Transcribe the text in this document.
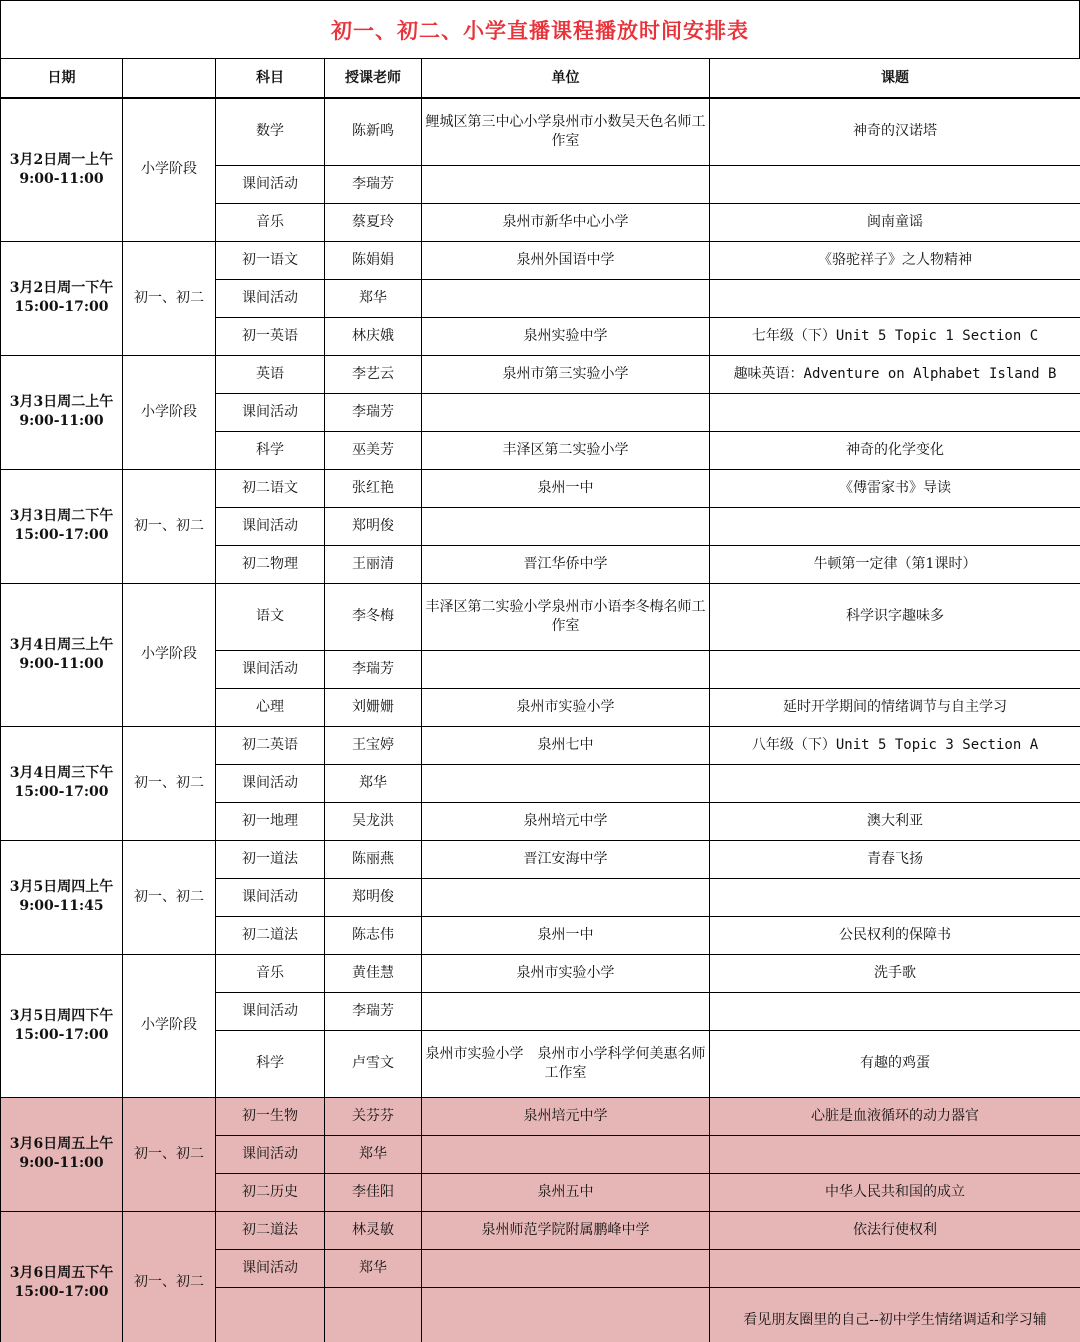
初一、初二、小学直播课程播放时间安排表
日期		科目	授课老师	单位	课题

3月2日周一上午
9:00-11:00	小学阶段	数学	陈新鸣	鲤城区第三中心小学泉州市小数吴天色名师工作室	神奇的汉诺塔
		课间活动	李瑞芳		
		音乐	蔡夏玲	泉州市新华中心小学	闽南童谣

3月2日周一下午
15:00-17:00	初一、初二	初一语文	陈娟娟	泉州外国语中学	《骆驼祥子》之人物精神
		课间活动	郑华		
		初一英语	林庆娥	泉州实验中学	七年级（下）Unit 5 Topic 1 Section C

3月3日周二上午
9:00-11:00	小学阶段	英语	李艺云	泉州市第三实验小学	趣味英语：Adventure on Alphabet Island B
		课间活动	李瑞芳		
		科学	巫美芳	丰泽区第二实验小学	神奇的化学变化

3月3日周二下午
15:00-17:00	初一、初二	初二语文	张红艳	泉州一中	《傅雷家书》导读
		课间活动	郑明俊		
		初二物理	王丽清	晋江华侨中学	牛顿第一定律（第1课时）

3月4日周三上午
9:00-11:00	小学阶段	语文	李冬梅	丰泽区第二实验小学泉州市小语李冬梅名师工作室	科学识字趣味多
		课间活动	李瑞芳		
		心理	刘姗姗	泉州市实验小学	延时开学期间的情绪调节与自主学习

3月4日周三下午
15:00-17:00	初一、初二	初二英语	王宝婷	泉州七中	八年级（下）Unit 5 Topic 3 Section A
		课间活动	郑华		
		初一地理	吴龙洪	泉州培元中学	澳大利亚

3月5日周四上午
9:00-11:45	初一、初二	初一道法	陈丽燕	晋江安海中学	青春飞扬
		课间活动	郑明俊		
		初二道法	陈志伟	泉州一中	公民权利的保障书

3月5日周四下午
15:00-17:00	小学阶段	音乐	黄佳慧	泉州市实验小学	洗手歌
		课间活动	李瑞芳		
		科学	卢雪文	泉州市实验小学　泉州市小学科学何美惠名师工作室	有趣的鸡蛋

3月6日周五上午
9:00-11:00	初一、初二	初一生物	关芬芬	泉州培元中学	心脏是血液循环的动力器官
		课间活动	郑华		
		初二历史	李佳阳	泉州五中	中华人民共和国的成立

3月6日周五下午
15:00-17:00	初一、初二	初二道法	林灵敏	泉州师范学院附属鹏峰中学	依法行使权利
		课间活动	郑华		
					看见朋友圈里的自己--初中学生情绪调适和学习辅
